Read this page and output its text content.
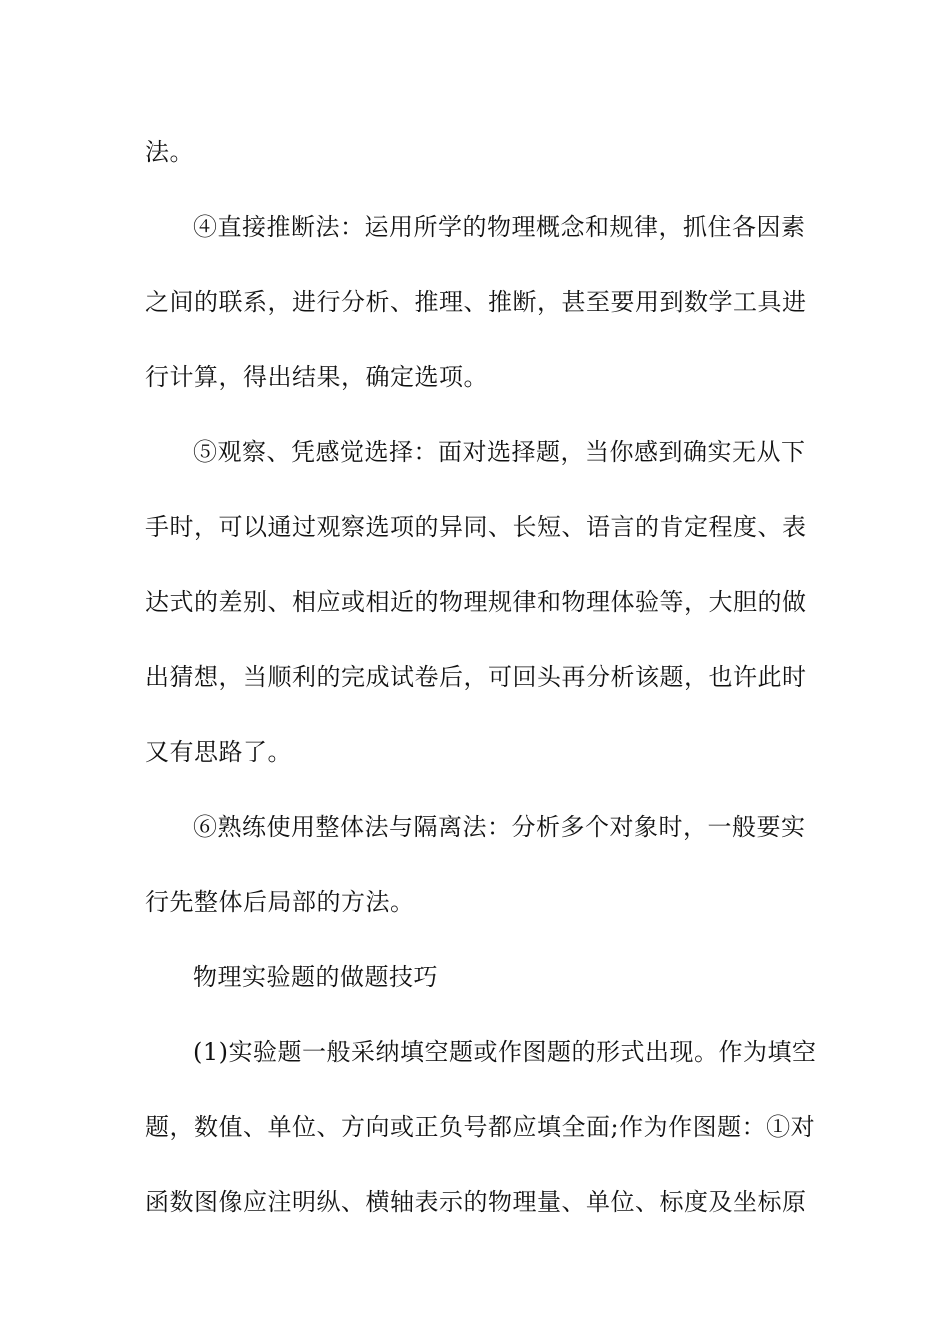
法。
④直接推断法：运用所学的物理概念和规律，抓住各因素
之间的联系，进行分析、推理、推断，甚至要用到数学工具进
行计算，得出结果，确定选项。
⑤观察、凭感觉选择：面对选择题，当你感到确实无从下
手时，可以通过观察选项的异同、长短、语言的肯定程度、表
达式的差别、相应或相近的物理规律和物理体验等，大胆的做
出猜想，当顺利的完成试卷后，可回头再分析该题，也许此时
又有思路了。
⑥熟练使用整体法与隔离法：分析多个对象时，一般要实
行先整体后局部的方法。
物理实验题的做题技巧
(1)实验题一般采纳填空题或作图题的形式出现。作为填空
题，数值、单位、方向或正负号都应填全面;作为作图题：①对
函数图像应注明纵、横轴表示的物理量、单位、标度及坐标原
